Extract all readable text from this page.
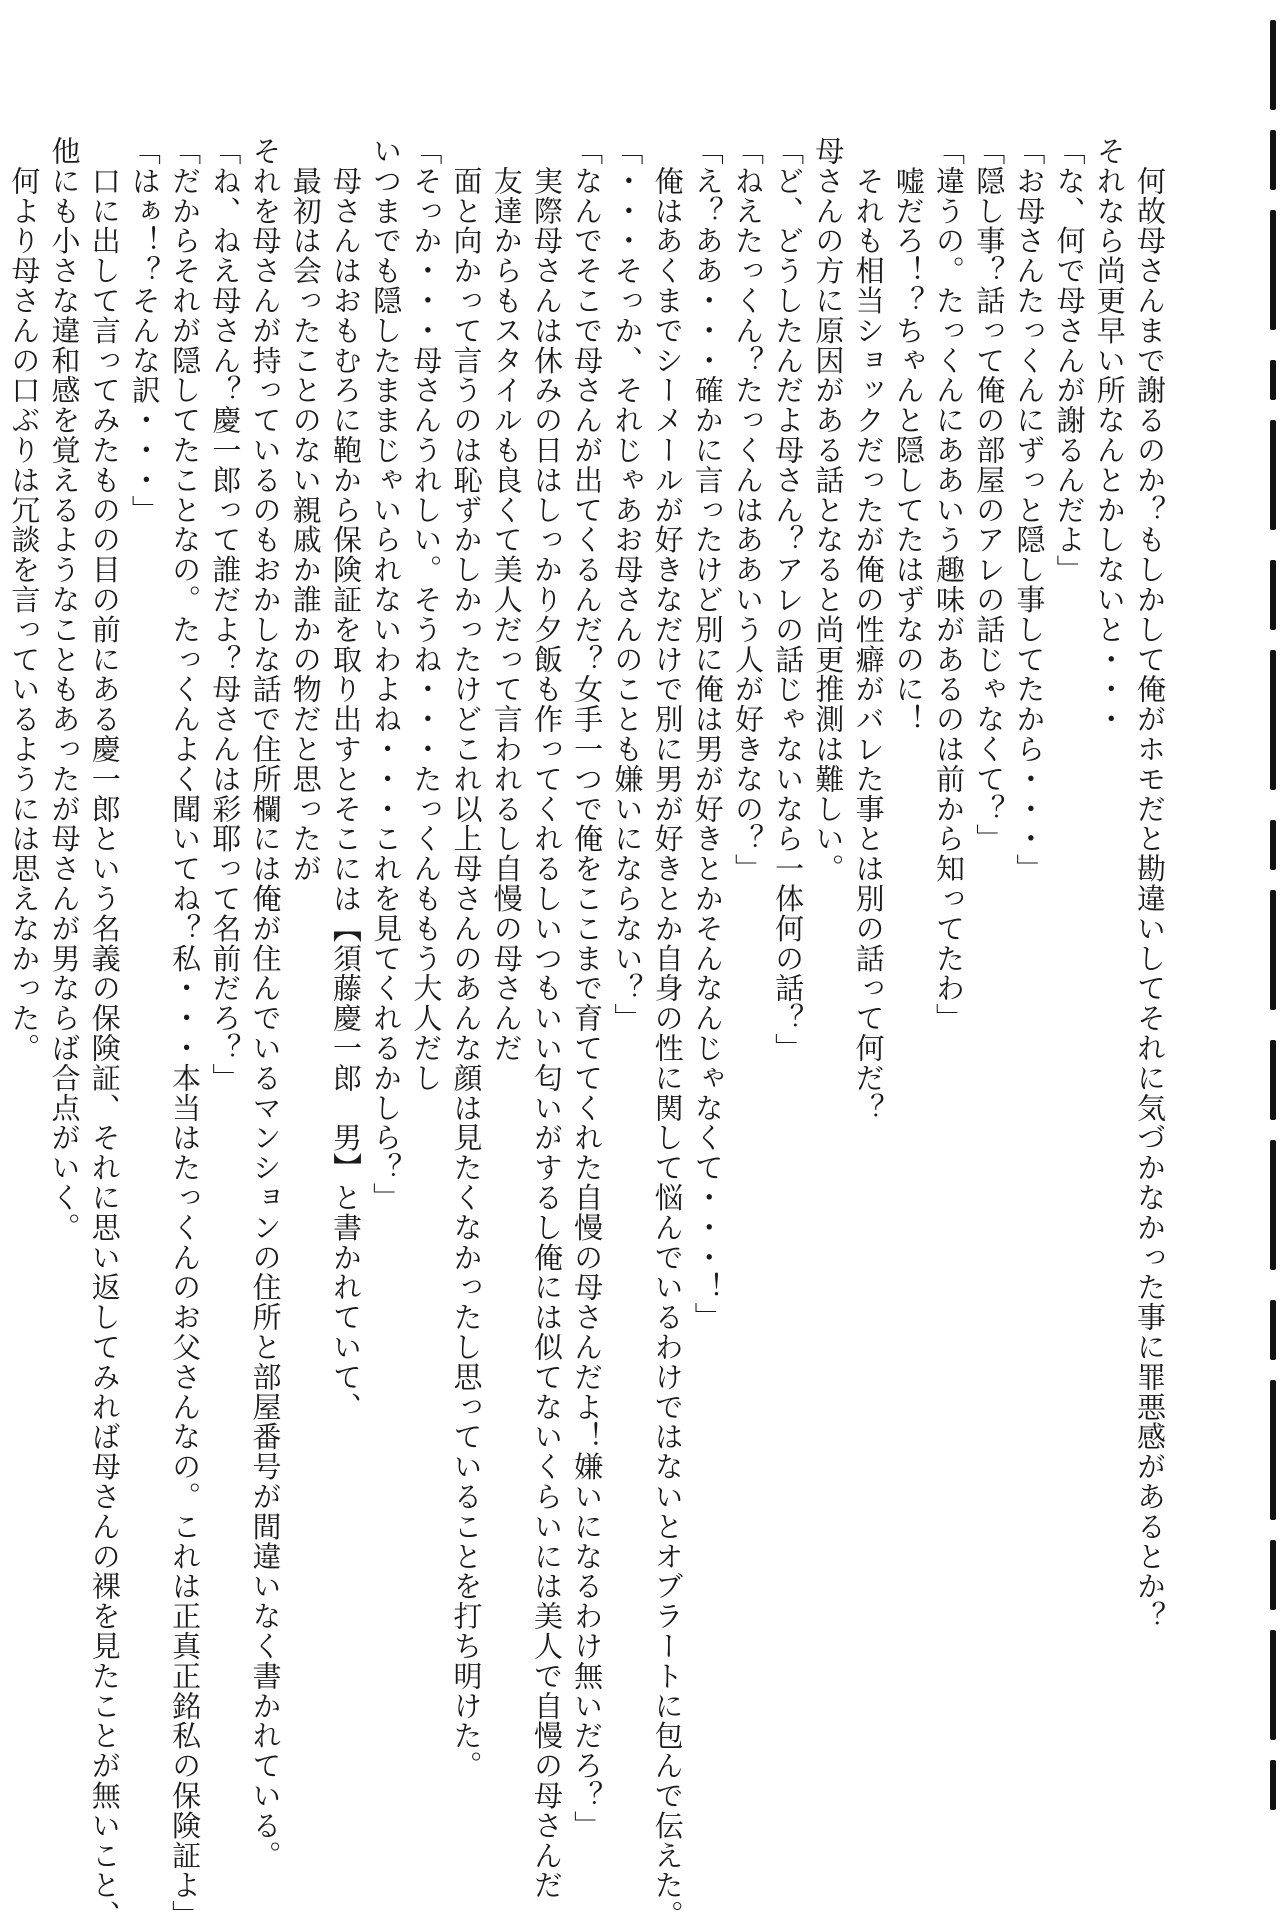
　何故母さんまで謝るのか？もしかして俺がホモだと勘違いしてそれに気づかなかった事に罪悪感があるとか？
それなら尚更早い所なんとかしないと・・・
「な、何で母さんが謝るんだよ」
「お母さんたっくんにずっと隠し事してたから・・・」
「隠し事？話って俺の部屋のアレの話じゃなくて？」
「違うの。たっくんにああいう趣味があるのは前から知ってたわ」
　嘘だろ！？ちゃんと隠してたはずなのに！
　それも相当ショックだったが俺の性癖がバレた事とは別の話って何だ？
母さんの方に原因がある話となると尚更推測は難しい。
「ど、どうしたんだよ母さん？アレの話じゃないなら一体何の話？」
「ねえたっくん？たっくんはああいう人が好きなの？」
「え？ああ・・・確かに言ったけど別に俺は男が好きとかそんなんじゃなくて・・・！」
　俺はあくまでシーメールが好きなだけで別に男が好きとか自身の性に関して悩んでいるわけではないとオブラートに包んで伝えた。
「・・・そっか、それじゃあお母さんのことも嫌いにならない？」
「なんでそこで母さんが出てくるんだ？女手一つで俺をここまで育ててくれた自慢の母さんだよ！嫌いになるわけ無いだろ？」
　実際母さんは休みの日はしっかり夕飯も作ってくれるしいつもいい匂いがするし俺には似てないくらいには美人で自慢の母さんだ
　友達からもスタイルも良くて美人だって言われるし自慢の母さんだ
　面と向かって言うのは恥ずかしかったけどこれ以上母さんのあんな顔は見たくなかったし思っていることを打ち明けた。
「そっか・・・母さんうれしい。そうね・・・たっくんももう大人だし
いつまでも隠したままじゃいられないわよね・・・これを見てくれるかしら？」
　母さんはおもむろに鞄から保険証を取り出すとそこには【須藤慶一郎　男】と書かれていて、
　最初は会ったことのない親戚か誰かの物だと思ったが
それを母さんが持っているのもおかしな話で住所欄には俺が住んでいるマンションの住所と部屋番号が間違いなく書かれている。
「ね、ねえ母さん？慶一郎って誰だよ？母さんは彩耶って名前だろ？」
「だからそれが隠してたことなの。たっくんよく聞いてね？私・・・本当はたっくんのお父さんなの。これは正真正銘私の保険証よ」
「はぁ！？そんな訳・・・」
　口に出して言ってみたものの目の前にある慶一郎という名義の保険証、それに思い返してみれば母さんの裸を見たことが無いこと、
他にも小さな違和感を覚えるようなこともあったが母さんが男ならば合点がいく。
　何より母さんの口ぶりは冗談を言っているようには思えなかった。
